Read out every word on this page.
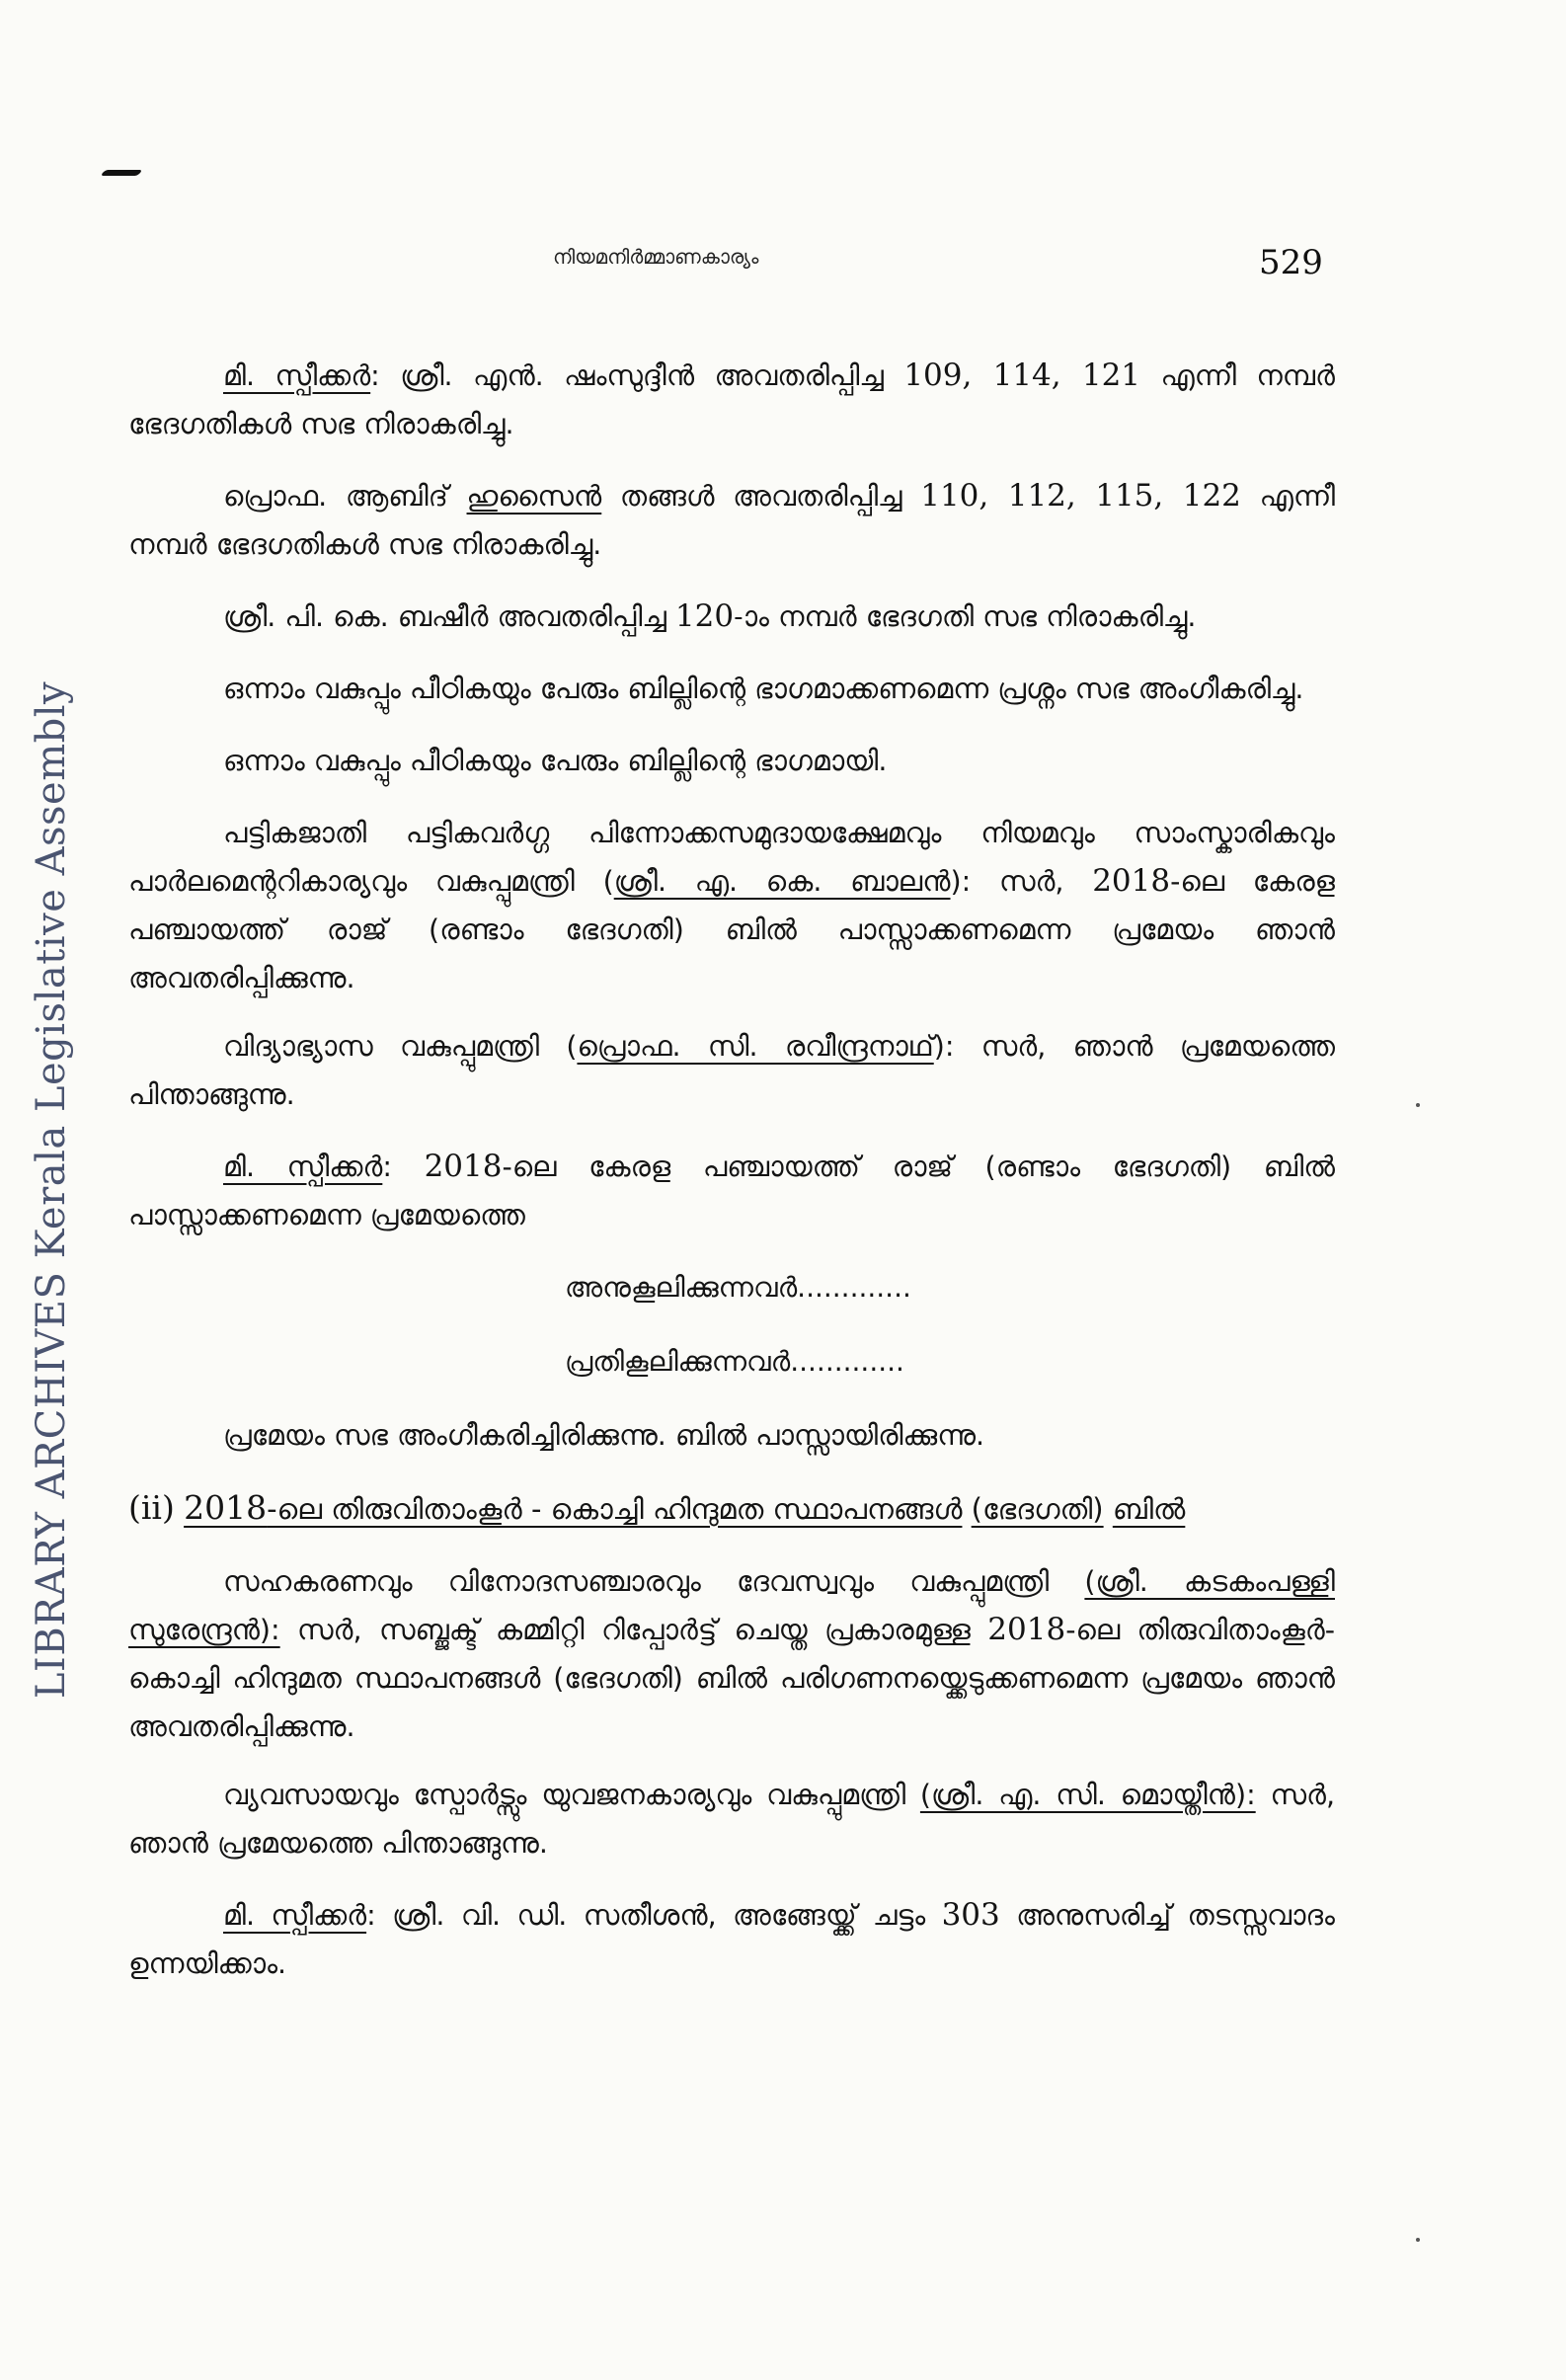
LIBRARY ARCHIVES Kerala Legislative Assembly
നിയമനിർമ്മാണകാര്യം	529

മി. സ്പീക്കർ: ശ്രീ. എൻ. ഷംസുദ്ദീൻ അവതരിപ്പിച്ച 109, 114, 121 എന്നീ നമ്പർ ഭേദഗതികൾ സഭ നിരാകരിച്ചു.

പ്രൊഫ. ആബിദ് ഹുസൈൻ തങ്ങൾ അവതരിപ്പിച്ച 110, 112, 115, 122 എന്നീ നമ്പർ ഭേദഗതികൾ സഭ നിരാകരിച്ചു.

ശ്രീ. പി. കെ. ബഷീർ അവതരിപ്പിച്ച 120-ാം നമ്പർ ഭേദഗതി സഭ നിരാകരിച്ചു.

ഒന്നാം വകുപ്പും പീഠികയും പേരും ബില്ലിന്റെ ഭാഗമാക്കണമെന്ന പ്രശ്നം സഭ അംഗീകരിച്ചു.

ഒന്നാം വകുപ്പും പീഠികയും പേരും ബില്ലിന്റെ ഭാഗമായി.

പട്ടികജാതി പട്ടികവർഗ്ഗ പിന്നോക്കസമുദായക്ഷേമവും നിയമവും സാംസ്കാരികവും പാർലമെന്ററികാര്യവും വകുപ്പുമന്ത്രി (ശ്രീ. എ. കെ. ബാലൻ): സർ, 2018-ലെ കേരള പഞ്ചായത്ത് രാജ് (രണ്ടാം ഭേദഗതി) ബിൽ പാസ്സാക്കണമെന്ന പ്രമേയം ഞാൻ അവതരിപ്പിക്കുന്നു.

വിദ്യാഭ്യാസ വകുപ്പുമന്ത്രി (പ്രൊഫ. സി. രവീന്ദ്രനാഥ്): സർ, ഞാൻ പ്രമേയത്തെ പിന്താങ്ങുന്നു.

മി. സ്പീക്കർ: 2018-ലെ കേരള പഞ്ചായത്ത് രാജ് (രണ്ടാം ഭേദഗതി) ബിൽ പാസ്സാക്കണമെന്ന പ്രമേയത്തെ

അനുകൂലിക്കുന്നവർ.............
പ്രതികൂലിക്കുന്നവർ.............

പ്രമേയം സഭ അംഗീകരിച്ചിരിക്കുന്നു. ബിൽ പാസ്സായിരിക്കുന്നു.

(ii) 2018-ലെ തിരുവിതാംകൂർ - കൊച്ചി ഹിന്ദുമത സ്ഥാപനങ്ങൾ (ഭേദഗതി) ബിൽ

സഹകരണവും വിനോദസഞ്ചാരവും ദേവസ്വവും വകുപ്പുമന്ത്രി (ശ്രീ. കടകംപള്ളി സുരേന്ദ്രൻ): സർ, സബ്ജക്ട് കമ്മിറ്റി റിപ്പോർട്ട് ചെയ്ത പ്രകാരമുള്ള 2018-ലെ തിരുവിതാംകൂർ-കൊച്ചി ഹിന്ദുമത സ്ഥാപനങ്ങൾ (ഭേദഗതി) ബിൽ പരിഗണനയ്ക്കെടുക്കണമെന്ന പ്രമേയം ഞാൻ അവതരിപ്പിക്കുന്നു.

വ്യവസായവും സ്പോർട്സും യുവജനകാര്യവും വകുപ്പുമന്ത്രി (ശ്രീ. എ. സി. മൊയ്തീൻ): സർ, ഞാൻ പ്രമേയത്തെ പിന്താങ്ങുന്നു.

മി. സ്പീക്കർ: ശ്രീ. വി. ഡി. സതീശൻ, അങ്ങേയ്ക്ക് ചട്ടം 303 അനുസരിച്ച് തടസ്സവാദം ഉന്നയിക്കാം.
